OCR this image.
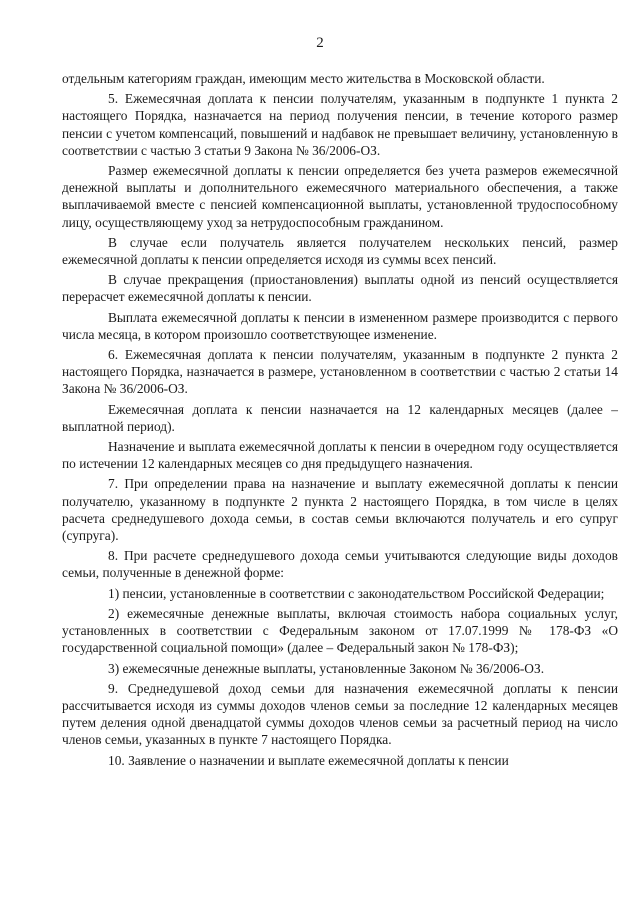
2

отдельным категориям граждан, имеющим место жительства в Московской области.

5. Ежемесячная доплата к пенсии получателям, указанным в подпункте 1 пункта 2 настоящего Порядка, назначается на период получения пенсии, в течение которого размер пенсии с учетом компенсаций, повышений и надбавок не превышает величину, установленную в соответствии с частью 3 статьи 9 Закона № 36/2006-ОЗ.

Размер ежемесячной доплаты к пенсии определяется без учета размеров ежемесячной денежной выплаты и дополнительного ежемесячного материального обеспечения, а также выплачиваемой вместе с пенсией компенсационной выплаты, установленной трудоспособному лицу, осуществляющему уход за нетрудоспособным гражданином.

В случае если получатель является получателем нескольких пенсий, размер ежемесячной доплаты к пенсии определяется исходя из суммы всех пенсий.

В случае прекращения (приостановления) выплаты одной из пенсий осуществляется перерасчет ежемесячной доплаты к пенсии.

Выплата ежемесячной доплаты к пенсии в измененном размере производится с первого числа месяца, в котором произошло соответствующее изменение.

6. Ежемесячная доплата к пенсии получателям, указанным в подпункте 2 пункта 2 настоящего Порядка, назначается в размере, установленном в соответствии с частью 2 статьи 14 Закона № 36/2006-ОЗ.

Ежемесячная доплата к пенсии назначается на 12 календарных месяцев (далее – выплатной период).

Назначение и выплата ежемесячной доплаты к пенсии в очередном году осуществляется по истечении 12 календарных месяцев со дня предыдущего назначения.

7. При определении права на назначение и выплату ежемесячной доплаты к пенсии получателю, указанному в подпункте 2 пункта 2 настоящего Порядка, в том числе в целях расчета среднедушевого дохода семьи, в состав семьи включаются получатель и его супруг (супруга).

8. При расчете среднедушевого дохода семьи учитываются следующие виды доходов семьи, полученные в денежной форме:

1) пенсии, установленные в соответствии с законодательством Российской Федерации;

2) ежемесячные денежные выплаты, включая стоимость набора социальных услуг, установленных в соответствии с Федеральным законом от 17.07.1999 № 178-ФЗ «О государственной социальной помощи» (далее – Федеральный закон № 178-ФЗ);

3) ежемесячные денежные выплаты, установленные Законом № 36/2006-ОЗ.

9. Среднедушевой доход семьи для назначения ежемесячной доплаты к пенсии рассчитывается исходя из суммы доходов членов семьи за последние 12 календарных месяцев путем деления одной двенадцатой суммы доходов членов семьи за расчетный период на число членов семьи, указанных в пункте 7 настоящего Порядка.

10. Заявление о назначении и выплате ежемесячной доплаты к пенсии
